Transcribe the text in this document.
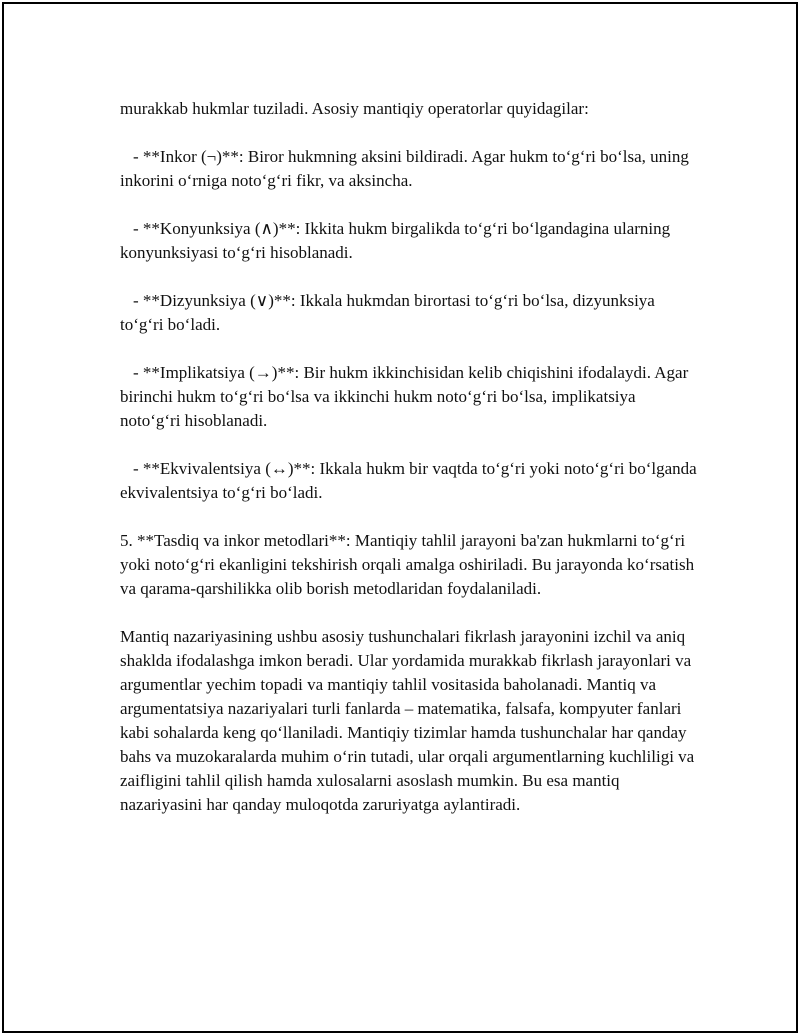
murakkab hukmlar tuziladi. Asosiy mantiqiy operatorlar quyidagilar:

- **Inkor (¬)**: Biror hukmning aksini bildiradi. Agar hukm to‘g‘ri bo‘lsa, uning inkorini o‘rniga noto‘g‘ri fikr, va aksincha.

- **Konyunksiya (∧)**: Ikkita hukm birgalikda to‘g‘ri bo‘lgandagina ularning konyunksiyasi to‘g‘ri hisoblanadi.

- **Dizyunksiya (∨)**: Ikkala hukmdan birortasi to‘g‘ri bo‘lsa, dizyunksiya to‘g‘ri bo‘ladi.

- **Implikatsiya (→)**: Bir hukm ikkinchisidan kelib chiqishini ifodalaydi. Agar birinchi hukm to‘g‘ri bo‘lsa va ikkinchi hukm noto‘g‘ri bo‘lsa, implikatsiya noto‘g‘ri hisoblanadi.

- **Ekvivalentsiya (↔)**: Ikkala hukm bir vaqtda to‘g‘ri yoki noto‘g‘ri bo‘lganda ekvivalentsiya to‘g‘ri bo‘ladi.

5. **Tasdiq va inkor metodlari**: Mantiqiy tahlil jarayoni ba'zan hukmlarni to‘g‘ri yoki noto‘g‘ri ekanligini tekshirish orqali amalga oshiriladi. Bu jarayonda ko‘rsatish va qarama-qarshilikka olib borish metodlaridan foydalaniladi.

Mantiq nazariyasining ushbu asosiy tushunchalari fikrlash jarayonini izchil va aniq shaklda ifodalashga imkon beradi. Ular yordamida murakkab fikrlash jarayonlari va argumentlar yechim topadi va mantiqiy tahlil vositasida baholanadi. Mantiq va argumentatsiya nazariyalari turli fanlarda – matematika, falsafa, kompyuter fanlari kabi sohalarda keng qo‘llaniladi. Mantiqiy tizimlar hamda tushunchalar har qanday bahs va muzokaralarda muhim o‘rin tutadi, ular orqali argumentlarning kuchliligi va zaifligini tahlil qilish hamda xulosalarni asoslash mumkin. Bu esa mantiq nazariyasini har qanday muloqotda zaruriyatga aylantiradi.
